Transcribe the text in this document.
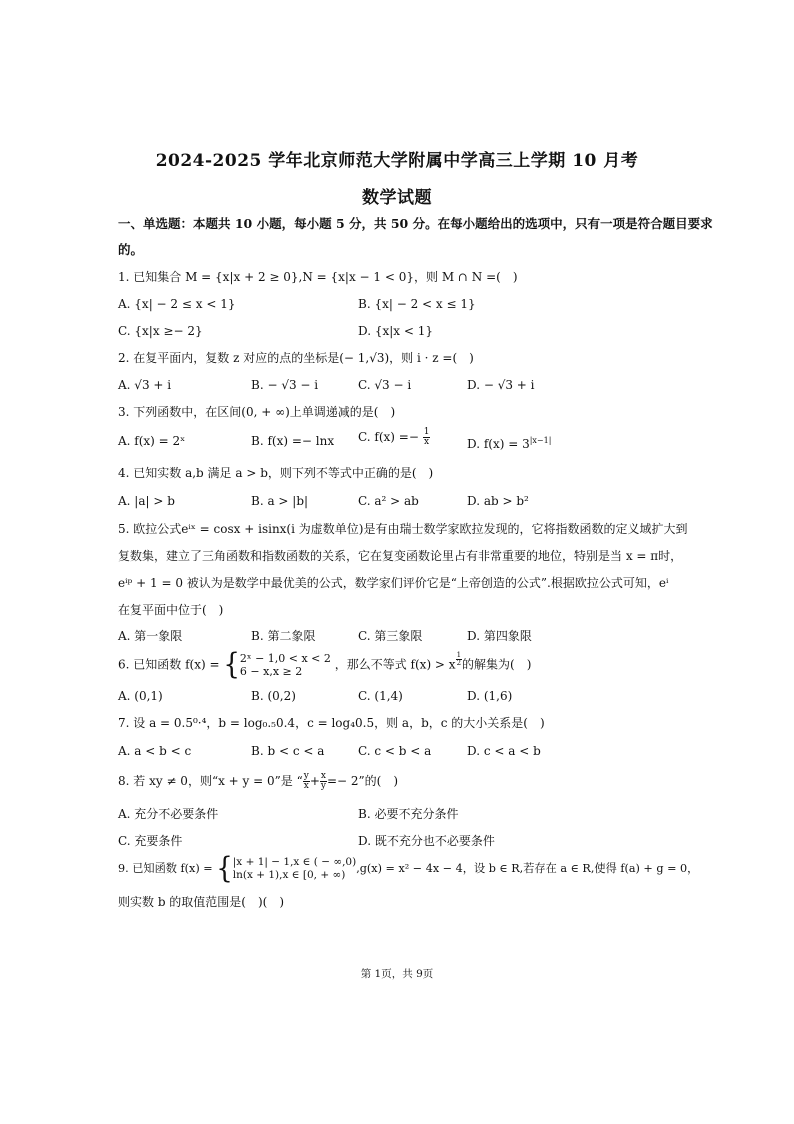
2024-2025 学年北京师范大学附属中学高三上学期 10 月考
数学试题
一、单选题：本题共 10 小题，每小题 5 分，共 50 分。在每小题给出的选项中，只有一项是符合题目要求
的。
1. 已知集合 M = {x|x + 2 ≥ 0},N = {x|x − 1 < 0}，则 M ∩ N =(　)
A. {x| − 2 ≤ x < 1}	B. {x| − 2 < x ≤ 1}
C. {x|x ≥− 2}	D. {x|x < 1}
2. 在复平面内，复数 z 对应的点的坐标是(− 1,√3)，则 i · z =(　)
A. √3 + i	B. − √3 − i	C. √3 − i	D. − √3 + i
3. 下列函数中，在区间(0, + ∞)上单调递减的是(　)
A. f(x) = 2ˣ	B. f(x) =− lnx C. $f(x) =- \frac{1}{x}$	D. $f(x) = 3^{|x-1|}$
4. 已知实数 a,b 满足 a > b，则下列不等式中正确的是(　)
A. |a| > b	B. a > |b|	C. a² > ab	D. ab > b²
5. 欧拉公式eⁱˣ = cosx + isinx(i 为虚数单位)是有由瑞士数学家欧拉发现的，它将指数函数的定义域扩大到
复数集，建立了三角函数和指数函数的关系，它在复变函数论里占有非常重要的地位，特别是当 x = π时，
eⁱᵖ + 1 = 0 被认为是数学中最优美的公式，数学家们评价它是“上帝创造的公式”.根据欧拉公式可知，eⁱ
在复平面中位于(　)
A. 第一象限	B. 第二象限	C. 第三象限	D. 第四象限
6. 已知函数 f(x) = { 2ˣ − 1,0 < x < 2
6 − x,x ≥ 2	，那么不等式 f(x) > x $\frac{1}{2}$ 的解集为(　)
A. (0,1)	B. (0,2)	C. (1,4)	D. (1,6)
7. 设 a = 0.5⁰·⁴，b = log₀.₅0.4，c = log₄0.5，则 a，b，c 的大小关系是(　)
A. a < b < c	B. b < c < a	C. c < b < a	D. c < a < b
8. 若 xy ≠ 0，则“x + y = 0”是 “ $\frac{y}{x} + \frac{x}{y} =- 2$”的(　)
A. 充分不必要条件	B. 必要不充分条件
C. 充要条件	D. 既不充分也不必要条件
9. 已知函数 f(x) = { |x + 1| − 1,x ∈ ( − ∞,0)
ln(x + 1),x ∈ [0, + ∞) ,g(x) = x² − 4x − 4，设 b ∈ R,若存在 a ∈ R,使得 f(a) + g = 0，
则实数 b 的取值范围是(　)(　)
第 1页，共 9页
